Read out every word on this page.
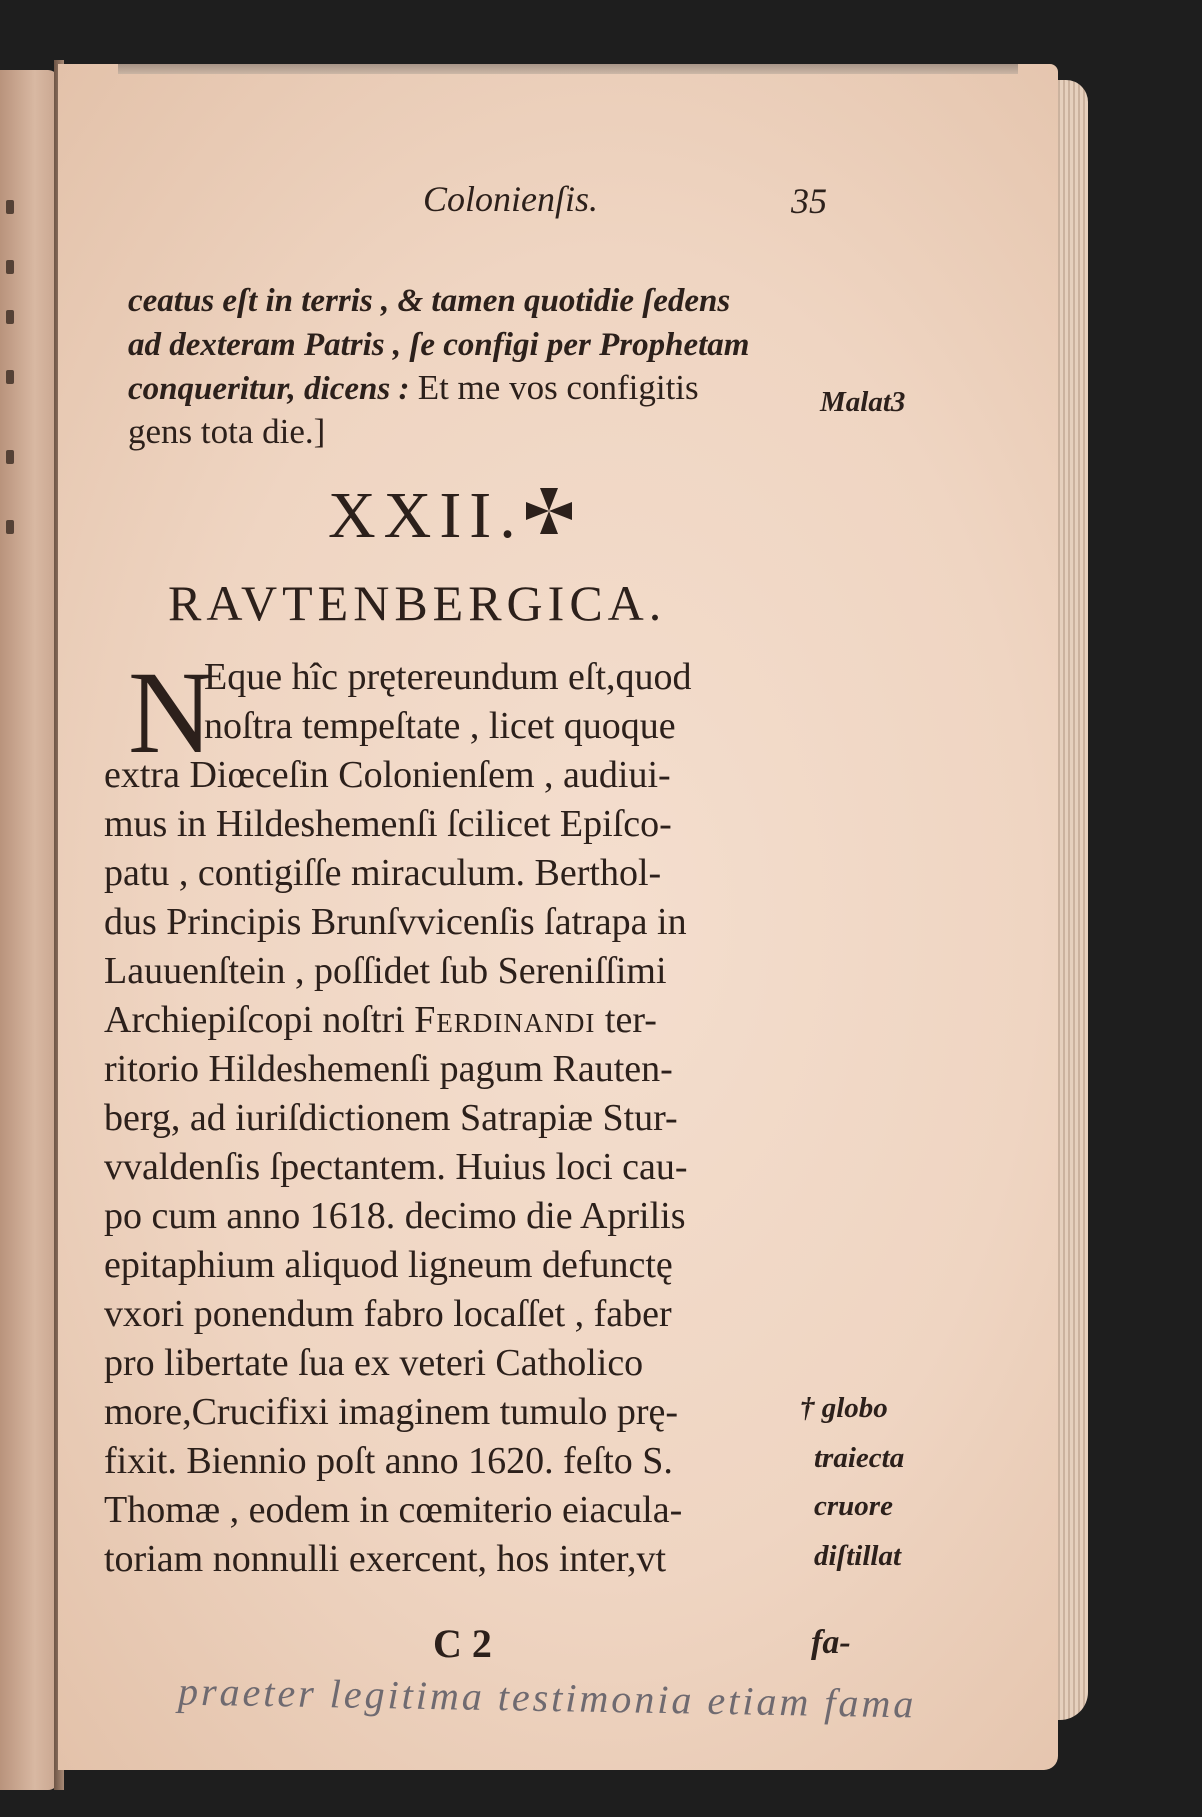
Colonienſis.	35
ceatus eſt in terris , & tamen quotidie ſedens
ad dexteram Patris , ſe configi per Prophetam
conqueritur, dicens : Et me vos configitis
gens tota die.]
Malat3
XXII.
RAVTENBERGICA.
N
Eque hîc prętereundum eſt,quod
noſtra tempeſtate , licet quoque
extra Diœceſin Colonienſem , audiui-
mus in Hildeshemenſi ſcilicet Epiſco-
patu , contigiſſe miraculum. Berthol-
dus Principis Brunſvvicenſis ſatrapa in
Lauuenſtein , poſſidet ſub Sereniſſimi
Archiepiſcopi noſtri Ferdinandi ter-
ritorio Hildeshemenſi pagum Rauten-
berg, ad iuriſdictionem Satrapiæ Stur-
vvaldenſis ſpectantem. Huius loci cau-
po cum anno 1618. decimo die Aprilis
epitaphium aliquod ligneum defunctę
vxori ponendum fabro locaſſet , faber
pro libertate ſua ex veteri Catholico
more,Crucifixi imaginem tumulo prę-
fixit. Biennio poſt anno 1620. feſto S.
Thomæ , eodem in cœmiterio eiacula-
toriam nonnulli exercent, hos inter,vt
† globo
traiecta
cruore
diſtillat
C 2	fa-
praeter legitima testimonia etiam fama
